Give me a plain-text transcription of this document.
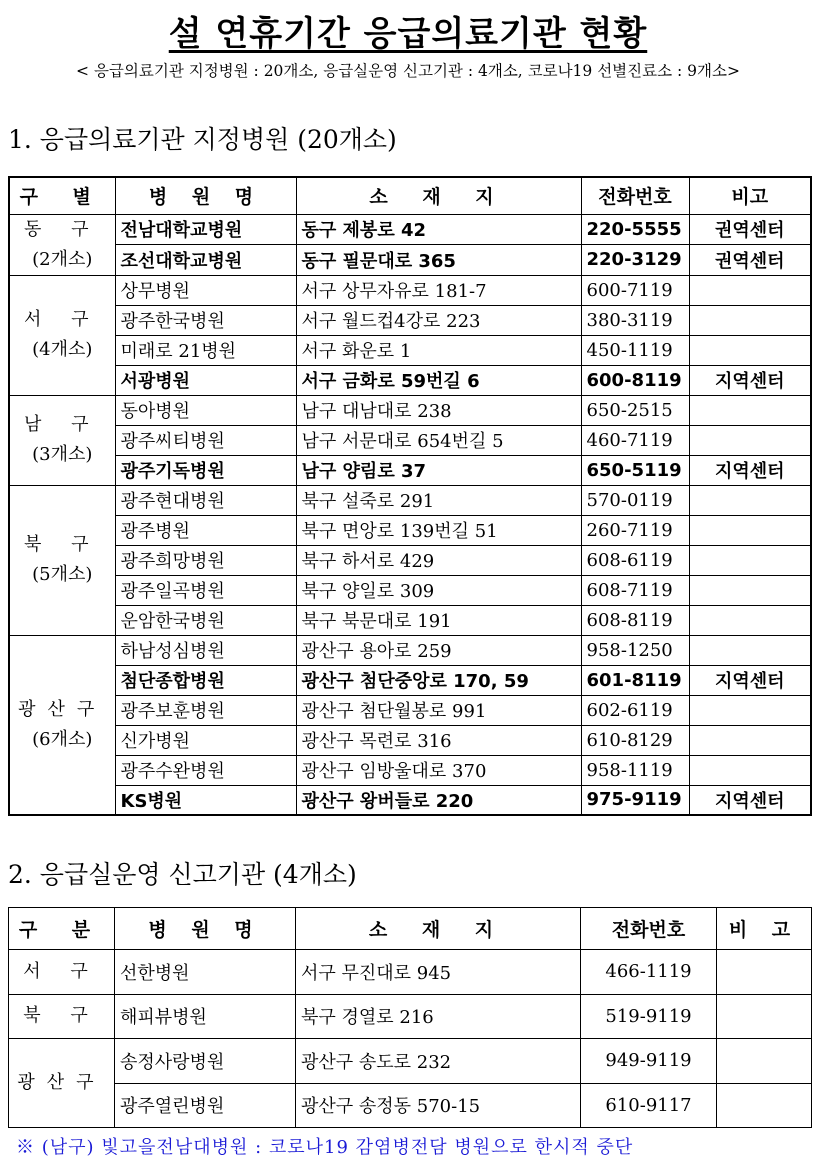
설 연휴기간 응급의료기관 현황
< 응급의료기관 지정병원 : 20개소, 응급실운영 신고기관 : 4개소, 코로나19 선별진료소 : 9개소>
1. 응급의료기관 지정병원 (20개소)
구 별	병 원 명	소 재 지	전화번호	비고

동 구
(2개소)	전남대학교병원	동구 제봉로 42	220-5555	권역센터
	조선대학교병원	동구 필문대로 365	220-3129	권역센터

서 구
(4개소)	상무병원	서구 상무자유로 181-7	600-7119	
	광주한국병원	서구 월드컵4강로 223	380-3119	
	미래로 21병원	서구 화운로 1	450-1119	
	서광병원	서구 금화로 59번길 6	600-8119	지역센터

남 구
(3개소)	동아병원	남구 대남대로 238	650-2515	
	광주씨티병원	남구 서문대로 654번길 5	460-7119	
	광주기독병원	남구 양림로 37	650-5119	지역센터

북 구
(5개소)	광주현대병원	북구 설죽로 291	570-0119	
	광주병원	북구 면앙로 139번길 51	260-7119	
	광주희망병원	북구 하서로 429	608-6119	
	광주일곡병원	북구 양일로 309	608-7119	
	운암한국병원	북구 북문대로 191	608-8119	

광산구
(6개소)	하남성심병원	광산구 용아로 259	958-1250	
	첨단종합병원	광산구 첨단중앙로 170, 59	601-8119	지역센터
	광주보훈병원	광산구 첨단월봉로 991	602-6119	
	신가병원	광산구 목련로 316	610-8129	
	광주수완병원	광산구 임방울대로 370	958-1119	
	KS병원	광산구 왕버들로 220	975-9119	지역센터
2. 응급실운영 신고기관 (4개소)
구 분	병 원 명	소 재 지	전화번호	비 고

서 구	선한병원	서구 무진대로 945	466-1119	

북 구	해피뷰병원	북구 경열로 216	519-9119	

광산구	송정사랑병원	광산구 송도로 232	949-9119	
	광주열린병원	광산구 송정동 570-15	610-9117	
※ (남구) 빛고을전남대병원 : 코로나19 감염병전담 병원으로 한시적 중단
